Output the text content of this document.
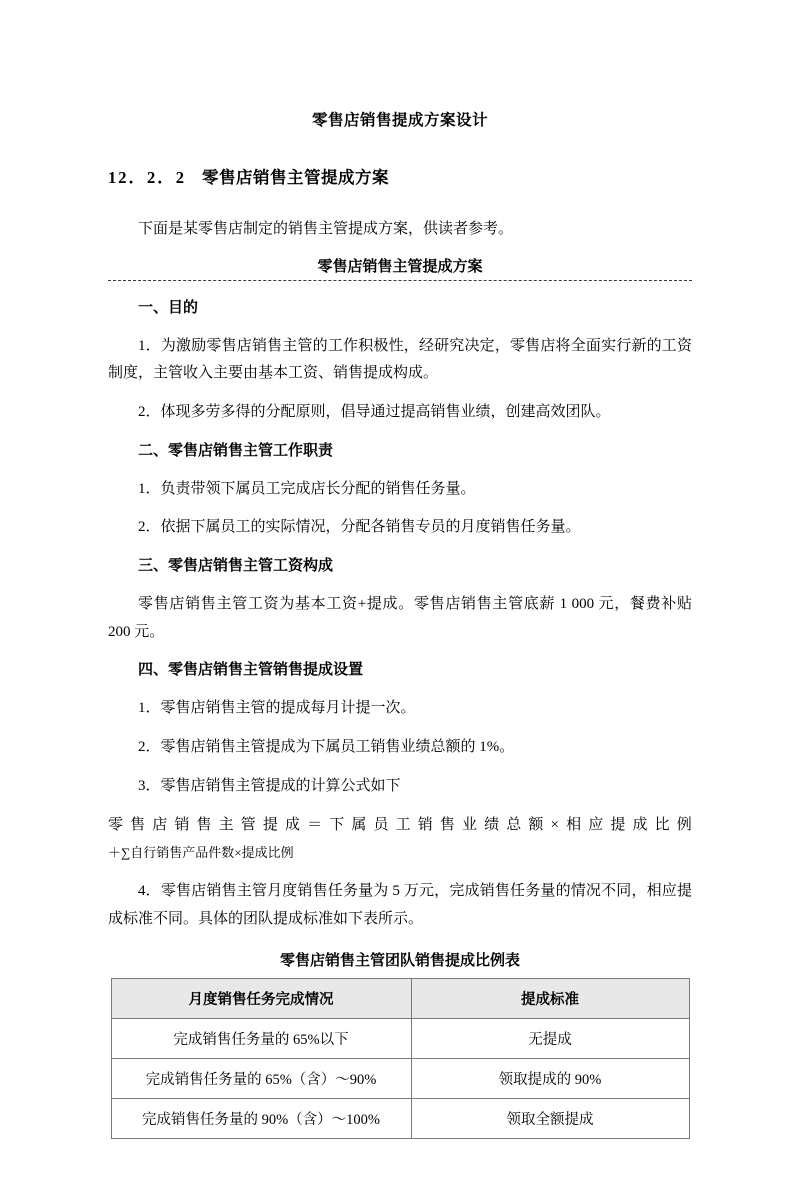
零售店销售提成方案设计
12．2．2 零售店销售主管提成方案

下面是某零售店制定的销售主管提成方案，供读者参考。

零售店销售主管提成方案

一、目的

1．为激励零售店销售主管的工作积极性，经研究决定，零售店将全面实行新的工资制度，主管收入主要由基本工资、销售提成构成。

2．体现多劳多得的分配原则，倡导通过提高销售业绩，创建高效团队。

二、零售店销售主管工作职责

1．负责带领下属员工完成店长分配的销售任务量。

2．依据下属员工的实际情况，分配各销售专员的月度销售任务量。

三、零售店销售主管工资构成

零售店销售主管工资为基本工资+提成。零售店销售主管底薪 1 000 元，餐费补贴 200 元。

四、零售店销售主管销售提成设置

1．零售店销售主管的提成每月计提一次。

2．零售店销售主管提成为下属员工销售业绩总额的 1%。

3．零售店销售主管提成的计算公式如下

零售店销售主管提成＝下属员工销售业绩总额×相应提成比例

＋∑自行销售产品件数×提成比例

4．零售店销售主管月度销售任务量为 5 万元，完成销售任务量的情况不同，相应提成标准不同。具体的团队提成标准如下表所示。

零售店销售主管团队销售提成比例表
月度销售任务完成情况	提成标准
完成销售任务量的 65%以下	无提成
完成销售任务量的 65%（含）～90%	领取提成的 90%
完成销售任务量的 90%（含）～100%	领取全额提成
